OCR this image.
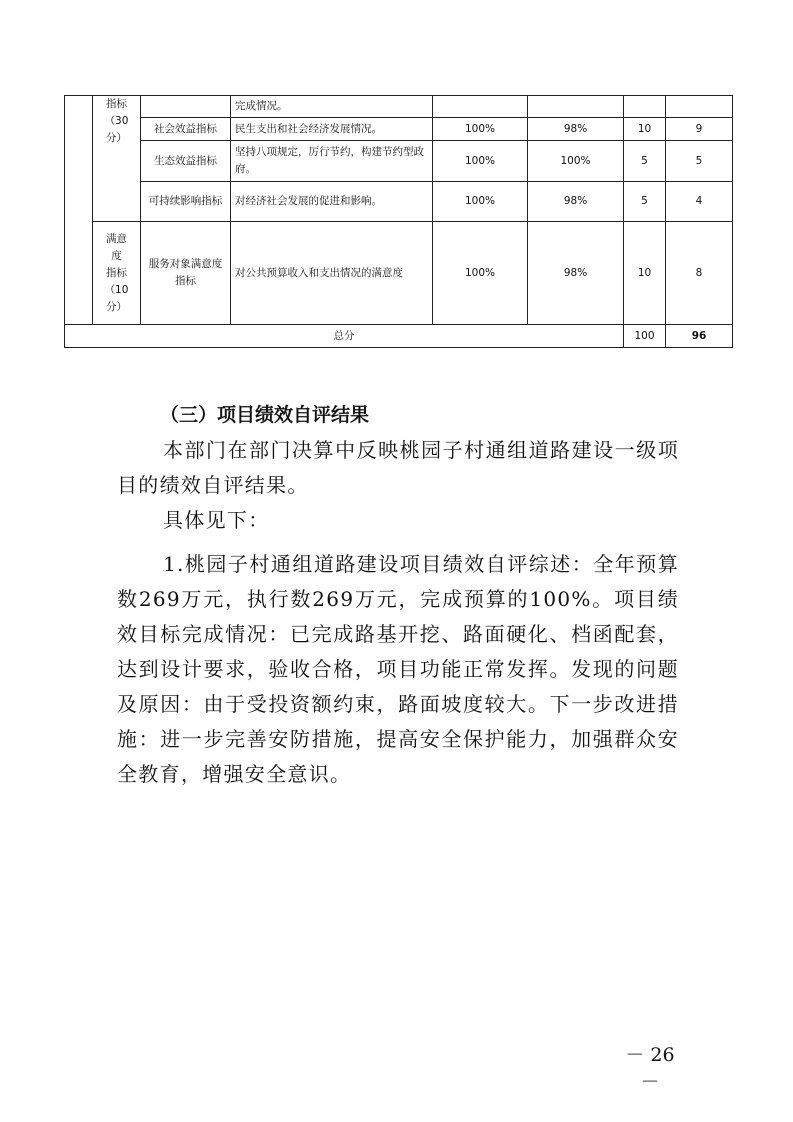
	指标
（30
分）		完成情况。				
		社会效益指标	民生支出和社会经济发展情况。	100%	98%	10	9
		生态效益指标	坚持八项规定，厉行节约，构建节约型政府。	100%	100%	5	5
		可持续影响指标	对经济社会发展的促进和影响。	100%	98%	5	4
	满意
度
指标
（10
分）	服务对象满意度指标	对公共预算收入和支出情况的满意度	100%	98%	10	8
总分						100	96
（三）项目绩效自评结果

本部门在部门决算中反映桃园子村通组道路建设一级项目的绩效自评结果。

具体见下：

1.桃园子村通组道路建设项目绩效自评综述：全年预算数269万元，执行数269万元，完成预算的100%。项目绩效目标完成情况：已完成路基开挖、路面硬化、档函配套，达到设计要求，验收合格，项目功能正常发挥。发现的问题及原因：由于受投资额约束，路面坡度较大。下一步改进措施：进一步完善安防措施，提高安全保护能力，加强群众安全教育，增强安全意识。

－ 26 －
